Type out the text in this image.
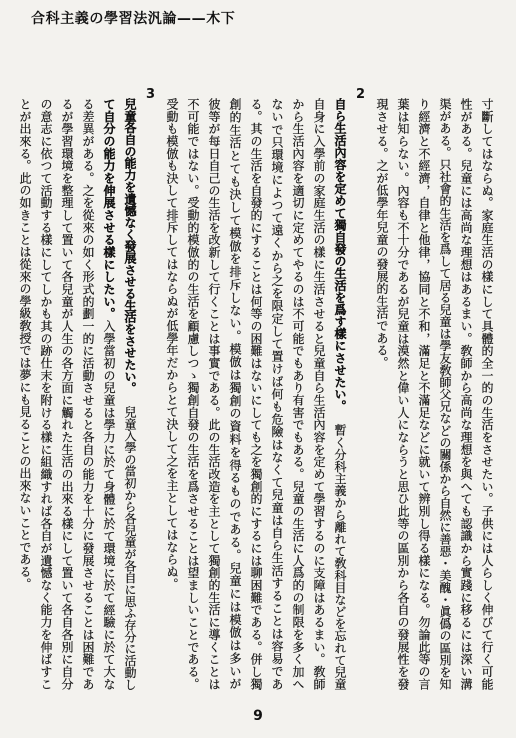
合科主義の學習法汎論——木下
寸斷してはならぬ。家庭生活の樣にして具體的全一的の生活をさせたい。子供には人らしく伸びて行く可能
性がある。兒童には高尚な理想はあるまい。敎師から高尚な理想を與へても認識から實踐に移るには深い溝
渠がある。只社會的生活を爲して居る兒童は學友敎師父兄などの關係から自然に善惡・美醜・眞僞の區別を知
り經濟と不經濟，自律と他律，協同と不和，滿足と不滿足などに就いて辨別し得る樣になる。勿論此等の言
葉は知らない。內容も不十分であるが兒童は漠然と偉い人にならうと思ひ此等の區別から各自の發展性を發
現させる。之が低學年兒童の發展的生活である。
2
自ら生活內容を定めて獨自發の生活を爲す樣にさせたい。暫く分科主義から離れて敎科目などを忘れて兒童
自身に入學前の家庭生活の樣に生活させると兒童自ら生活內容を定めて學習するのに支障はあるまい。敎師
から生活內容を適切に定めてやるのは不可能でもあり有害でもある。兒童の生活に人爲的の制限を多く加へ
ないで只環境によつて遠くから之を限定して置けば何も危險はなくて兒童は自ら生活することは容易であ
る。其の生活を自發的にすることは何等の困難はないにしても之を獨創的にするには聊困難である。併し獨
創的生活とても決して模倣を排斥しない。模倣は獨創の資料を得るものである。兒童には模倣は多いが
彼等が每日自己の生活を改新して行くことは事實である。此の生活改造を主として獨創的生活に導くことは
不可能ではない。受動的模倣的の生活を顧慮しつゝ獨創自發の生活を爲させることは望ましいことである。
受動も模倣も決して排斥してはならぬが低學年だからとて決して之を主としてはならぬ。
3
兒童各自の能力を遺憾なく發展させる生活をさせたい。兒童入學の當初から各兒童が各自に思ふ存分に活動し
て自分の能力を伸展させる樣にしたい。入學當初の兒童は學力に於て身體に於て環境に於て經驗に於て大な
る差異がある。之を從來の如く形式的劃一的に活動させると各自の能力を十分に發展させることは困難であ
るが學習環境を整理して置いて各兒童が人生の各方面に觸れた生活の出來る樣にして置いて各自各別に自分
の意志に依つて活動する樣にしてしかも其の跡仕末を附ける樣に組織すれば各自が遺憾なく能力を伸ばすこ
とが出來る。此の如きことは從來の學級敎授では夢にも見ることの出來ないことである。
9
